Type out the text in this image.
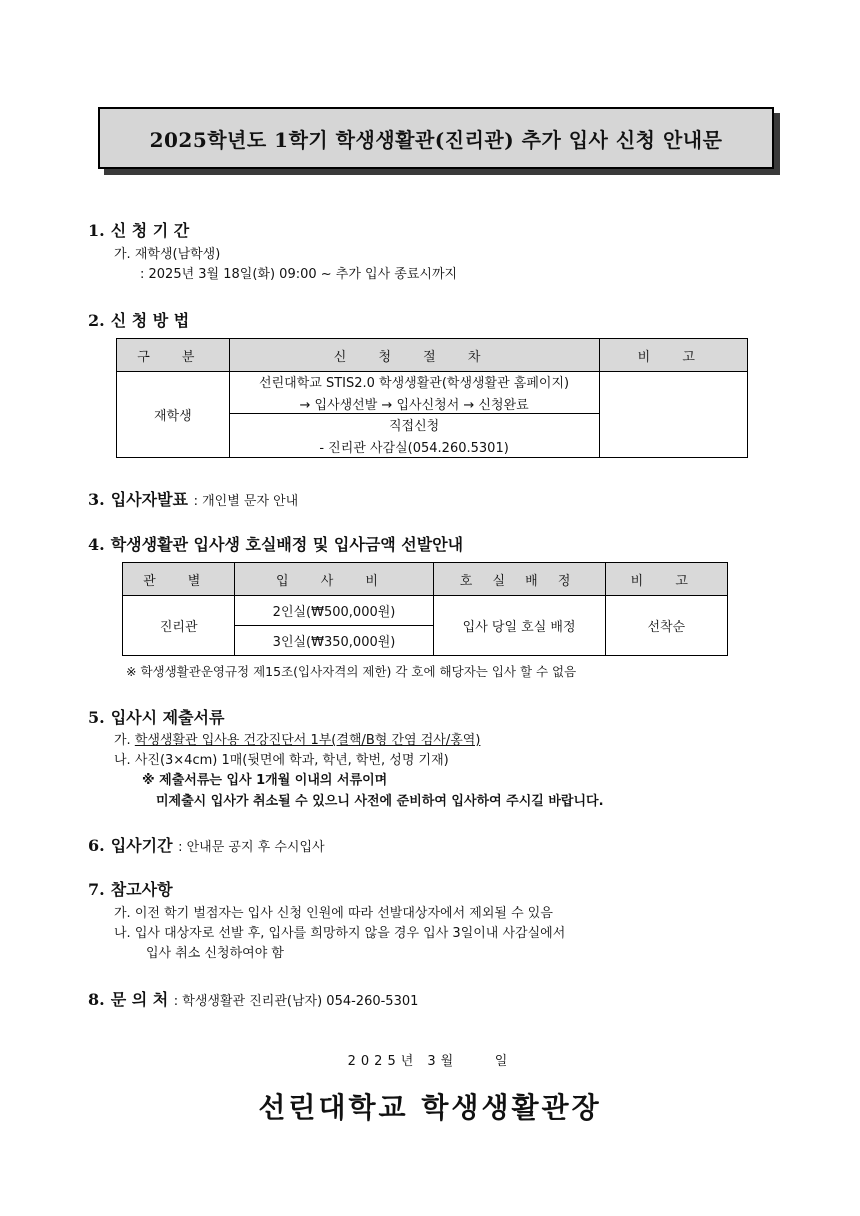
2025학년도 1학기 학생생활관(진리관) 추가 입사 신청 안내문
1. 신 청 기 간
가. 재학생(남학생)
: 2025년 3월 18일(화) 09:00 ~ 추가 입사 종료시까지
2. 신 청 방 법
구 분	신 청 절 차	비 고
재학생	선린대학교 STIS2.0 학생생활관(학생생활관 홈페이지)
→ 입사생선발 → 입사신청서 → 신청완료	

	직접신청
- 진리관 사감실(054.260.5301)	
3. 입사자발표 : 개인별 문자 안내
4. 학생생활관 입사생 호실배정 및 입사금액 선발안내
관 별	입 사 비	호 실 배 정	비 고
진리관	2인실(₩500,000원)	입사 당일 호실 배정	선착순
	3인실(₩350,000원)		
※ 학생생활관운영규정 제15조(입사자격의 제한) 각 호에 해당자는 입사 할 수 없음
5. 입사시 제출서류
가. 학생생활관 입사용 건강진단서 1부(결핵/B형 간염 검사/홍역)
나. 사진(3×4cm) 1매(뒷면에 학과, 학년, 학번, 성명 기재)
※ 제출서류는 입사 1개월 이내의 서류이며
미제출시 입사가 취소될 수 있으니 사전에 준비하여 입사하여 주시길 바랍니다.
6. 입사기간 : 안내문 공지 후 수시입사
7. 참고사항
가. 이전 학기 벌점자는 입사 신청 인원에 따라 선발대상자에서 제외될 수 있음
나. 입사 대상자로 선발 후, 입사를 희망하지 않을 경우 입사 3일이내 사감실에서
입사 취소 신청하여야 함
8. 문 의 처 : 학생생활관 진리관(남자) 054-260-5301
2025년 3월    일
선린대학교 학생생활관장
